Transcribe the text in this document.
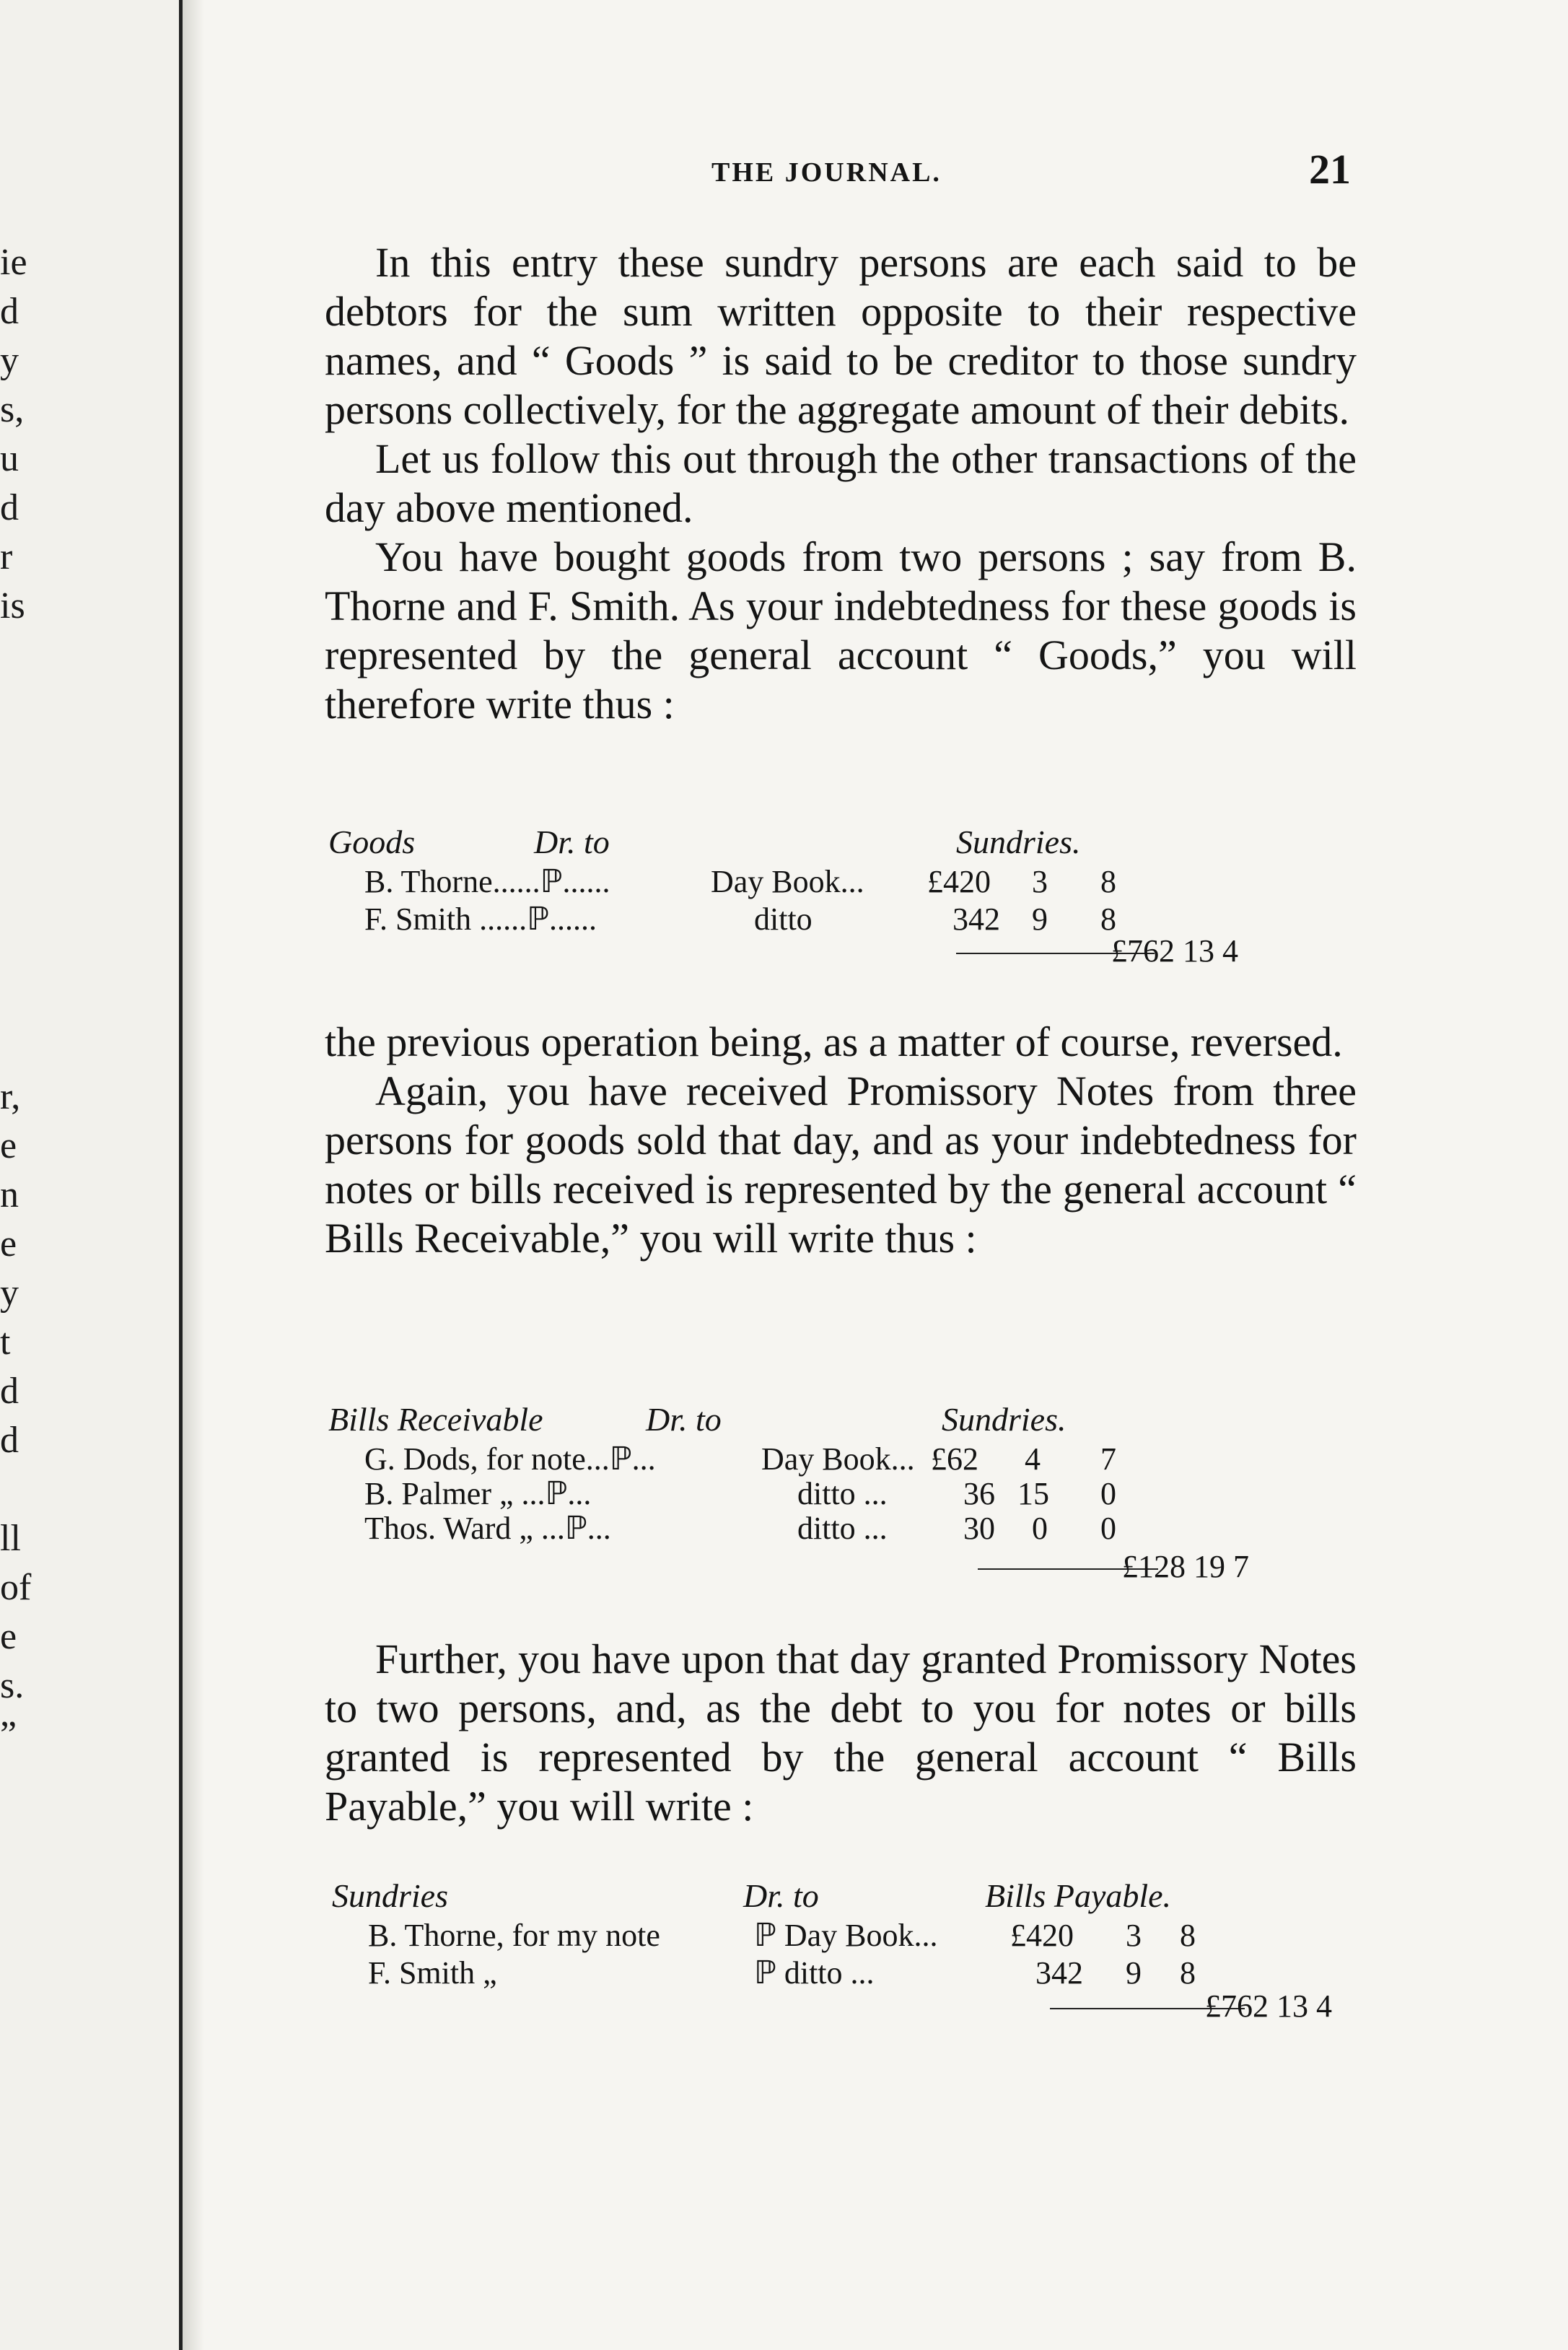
ie
d
y
s,
u
d
r
is
r,
e
n
e
y
t
d
d
ll
of
e
s.
”
THE JOURNAL.	21

In this entry these sundry persons are each said to be debtors for the sum written opposite to their respective names, and “ Goods ” is said to be creditor to those sundry persons collectively, for the aggregate amount of their debits.

Let us follow this out through the other transactions of the day above mentioned.

You have bought goods from two persons ; say from B. Thorne and F. Smith. As your indebtedness for these goods is represented by the general account “ Goods,” you will therefore write thus :

Goods	Dr. to	Sundries.
B. Thorne......ℙ......	Day Book... £420 3 8
F. Smith ......ℙ......	ditto	342 9 8
£762 13 4

the previous operation being, as a matter of course, reversed.

Again, you have received Promissory Notes from three persons for goods sold that day, and as your indebtedness for notes or bills received is represented by the general account “ Bills Receivable,” you will write thus :

Bills Receivable	Dr. to	Sundries.
G. Dods, for note...ℙ...	Day Book... £62 4 7
B. Palmer „ ...ℙ...	ditto ... 36 15 0
Thos. Ward „ ...ℙ...	ditto ... 30 0 0
£128 19 7

Further, you have upon that day granted Promissory Notes to two persons, and, as the debt to you for notes or bills granted is represented by the general account “ Bills Payable,” you will write :

Sundries	Dr. to	Bills Payable.
B. Thorne, for my note	ℙ Day Book... £420 3 8
F. Smith „	ℙ ditto ...	342 9 8
£762 13 4
